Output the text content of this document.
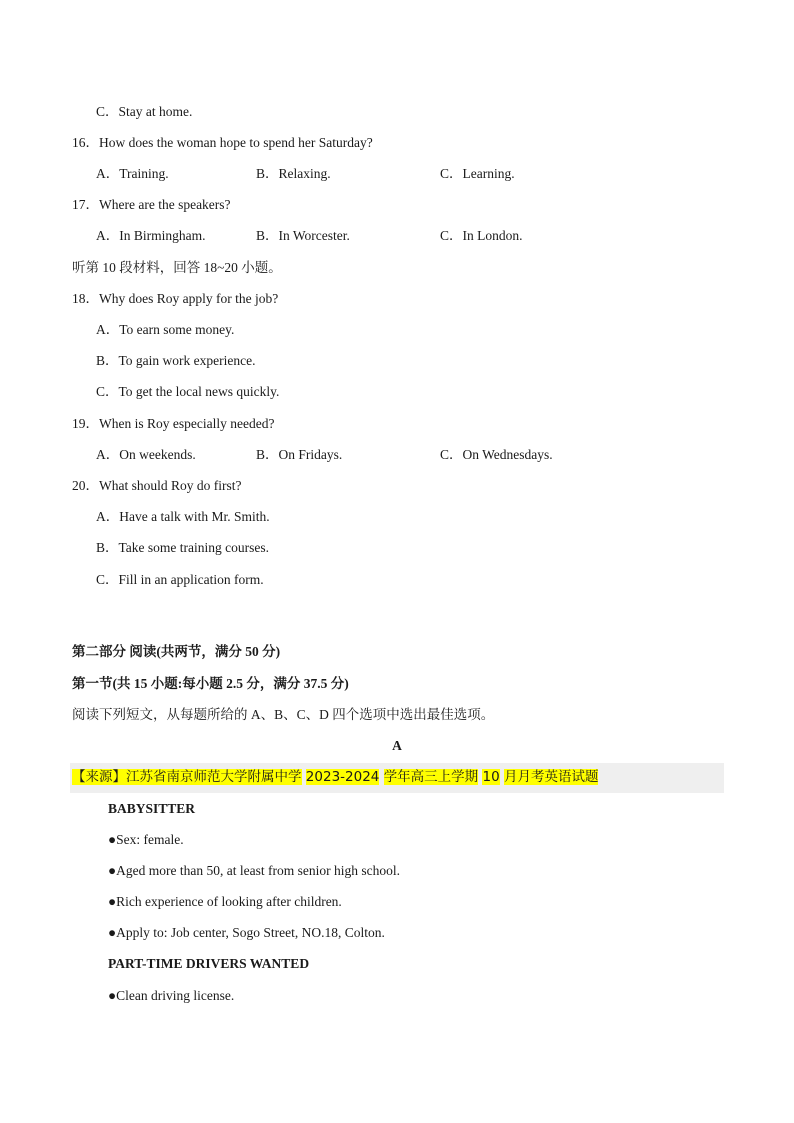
C．Stay at home.
16．How does the woman hope to spend her Saturday?
A．Training.	B．Relaxing.	C．Learning.
17．Where are the speakers?
A．In Birmingham.	B．In Worcester.	C．In London.
听第 10 段材料，回答 18~20 小题。
18．Why does Roy apply for the job?
A．To earn some money.
B．To gain work experience.
C．To get the local news quickly.
19．When is Roy especially needed?
A．On weekends.	B．On Fridays.	C．On Wednesdays.
20．What should Roy do first?
A．Have a talk with Mr. Smith.
B．Take some training courses.
C．Fill in an application form.
第二部分 阅读(共两节，满分 50 分)
第一节(共 15 小题:每小题 2.5 分，满分 37.5 分)
阅读下列短文，从每题所给的 A、B、C、D 四个选项中选出最佳选项。
A
【来源】江苏省南京师范大学附属中学 2023-2024 学年高三上学期 10 月月考英语试题
BABYSITTER
●Sex: female.
●Aged more than 50, at least from senior high school.
●Rich experience of looking after children.
●Apply to: Job center, Sogo Street, NO.18, Colton.
PART-TIME DRIVERS WANTED
●Clean driving license.
